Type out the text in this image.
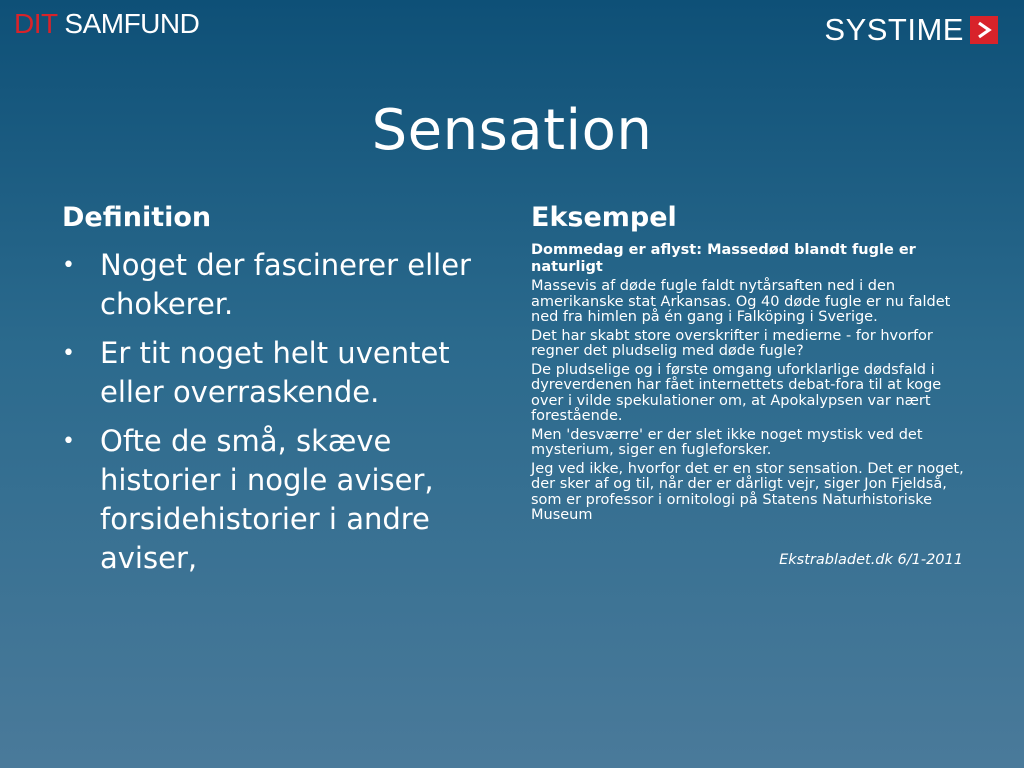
DIT SAMFUND	SYSTIME
Sensation
Definition
• Noget der fascinerer eller chokerer.
• Er tit noget helt uventet eller overraskende.
• Ofte de små, skæve historier i nogle aviser, forsidehistorier i andre aviser,
Eksempel
Dommedag er aflyst: Massedød blandt fugle er naturligt

Massevis af døde fugle faldt nytårsaften ned i den amerikanske stat Arkansas. Og 40 døde fugle er nu faldet ned fra himlen på én gang i Falköping i Sverige.

Det har skabt store overskrifter i medierne - for hvorfor regner det pludselig med døde fugle?

De pludselige og i første omgang uforklarlige dødsfald i dyreverdenen har fået internettets debat-fora til at koge over i vilde spekulationer om, at Apokalypsen var nært forestående.

Men 'desværre' er der slet ikke noget mystisk ved det mysterium, siger en fugleforsker.

Jeg ved ikke, hvorfor det er en stor sensation. Det er noget, der sker af og til, når der er dårligt vejr, siger Jon Fjeldså, som er professor i ornitologi på Statens Naturhistoriske Museum

Ekstrabladet.dk 6/1-2011
